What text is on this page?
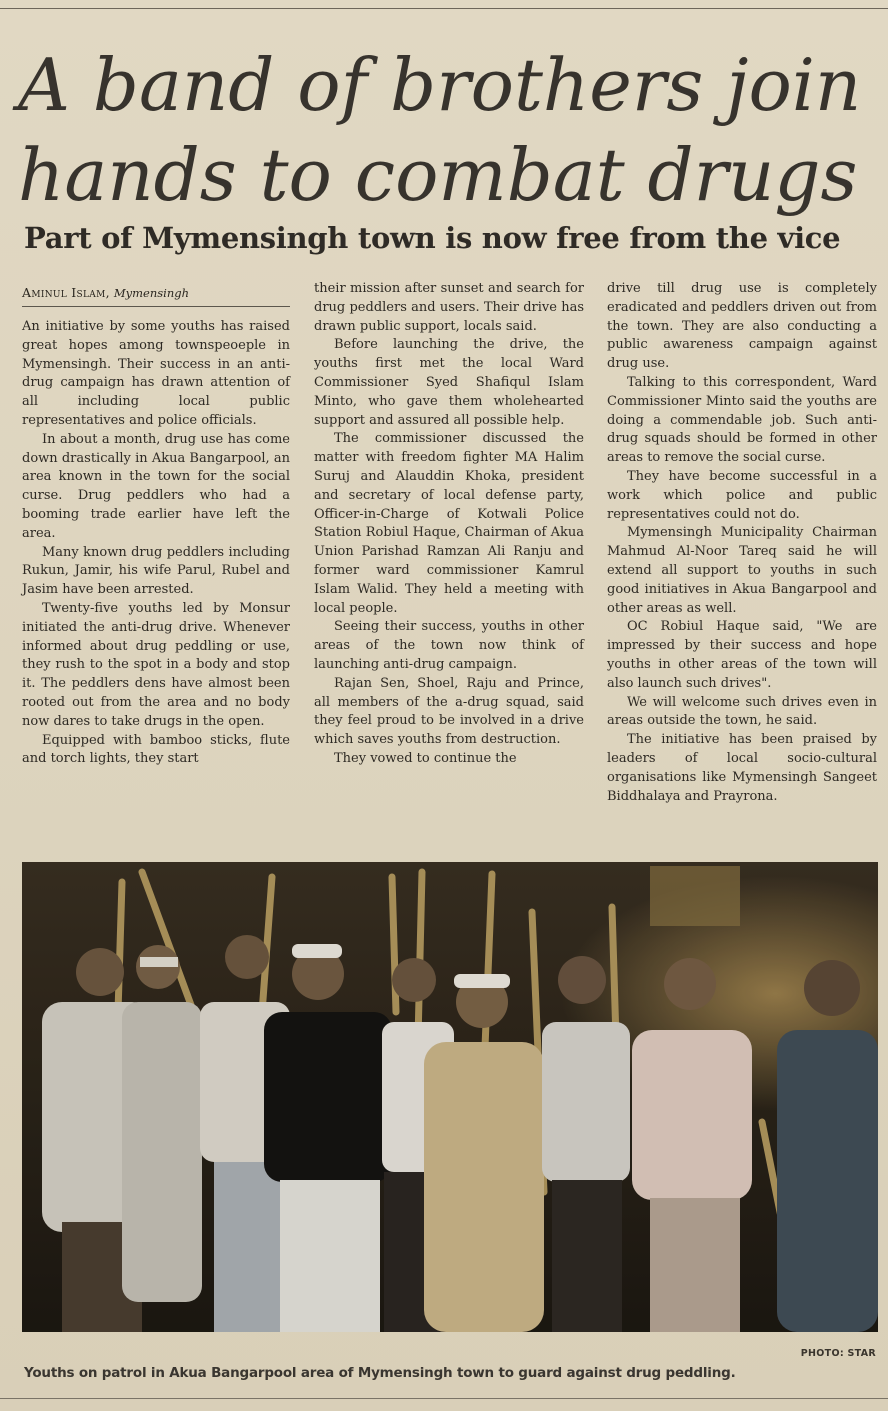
A band of brothers join
hands to combat drugs
Part of Mymensingh town is now free from the vice
Aminul Islam, Mymensingh

An initiative by some youths has raised great hopes among townspeoeple in Mymensingh. Their success in an anti-drug campaign has drawn attention of all including local public representatives and police officials.

In about a month, drug use has come down drastically in Akua Bangarpool, an area known in the town for the social curse. Drug peddlers who had a booming trade earlier have left the area.

Many known drug peddlers including Rukun, Jamir, his wife Parul, Rubel and Jasim have been arrested.

Twenty-five youths led by Monsur initiated the anti-drug drive. Whenever informed about drug peddling or use, they rush to the spot in a body and stop it. The peddlers dens have almost been rooted out from the area and no body now dares to take drugs in the open.

Equipped with bamboo sticks, flute and torch lights, they start

their mission after sunset and search for drug peddlers and users. Their drive has drawn public support, locals said.

Before launching the drive, the youths first met the local Ward Commissioner Syed Shafiqul Islam Minto, who gave them wholehearted support and assured all possible help.

The commissioner discussed the matter with freedom fighter MA Halim Suruj and Alauddin Khoka, president and secretary of local defense party, Officer-in-Charge of Kotwali Police Station Robiul Haque, Chairman of Akua Union Parishad Ramzan Ali Ranju and former ward commissioner Kamrul Islam Walid. They held a meeting with local people.

Seeing their success, youths in other areas of the town now think of launching anti-drug campaign.

Rajan Sen, Shoel, Raju and Prince, all members of the a-drug squad, said they feel proud to be involved in a drive which saves youths from destruction.

They vowed to continue the

drive till drug use is completely eradicated and peddlers driven out from the town. They are also conducting a public awareness campaign against drug use.

Talking to this correspondent, Ward Commissioner Minto said the youths are doing a commendable job. Such anti-drug squads should be formed in other areas to remove the social curse.

They have become successful in a work which police and public representatives could not do.

Mymensingh Municipality Chairman Mahmud Al-Noor Tareq said he will extend all support to youths in such good initiatives in Akua Bangarpool and other areas as well.

OC Robiul Haque said, "We are impressed by their success and hope youths in other areas of the town will also launch such drives".

We will welcome such drives even in areas outside the town, he said.

The initiative has been praised by leaders of local socio-cultural organisations like Mymensingh Sangeet Biddhalaya and Prayrona.

PHOTO: STAR
Youths on patrol in Akua Bangarpool area of Mymensingh town to guard against drug peddling.
